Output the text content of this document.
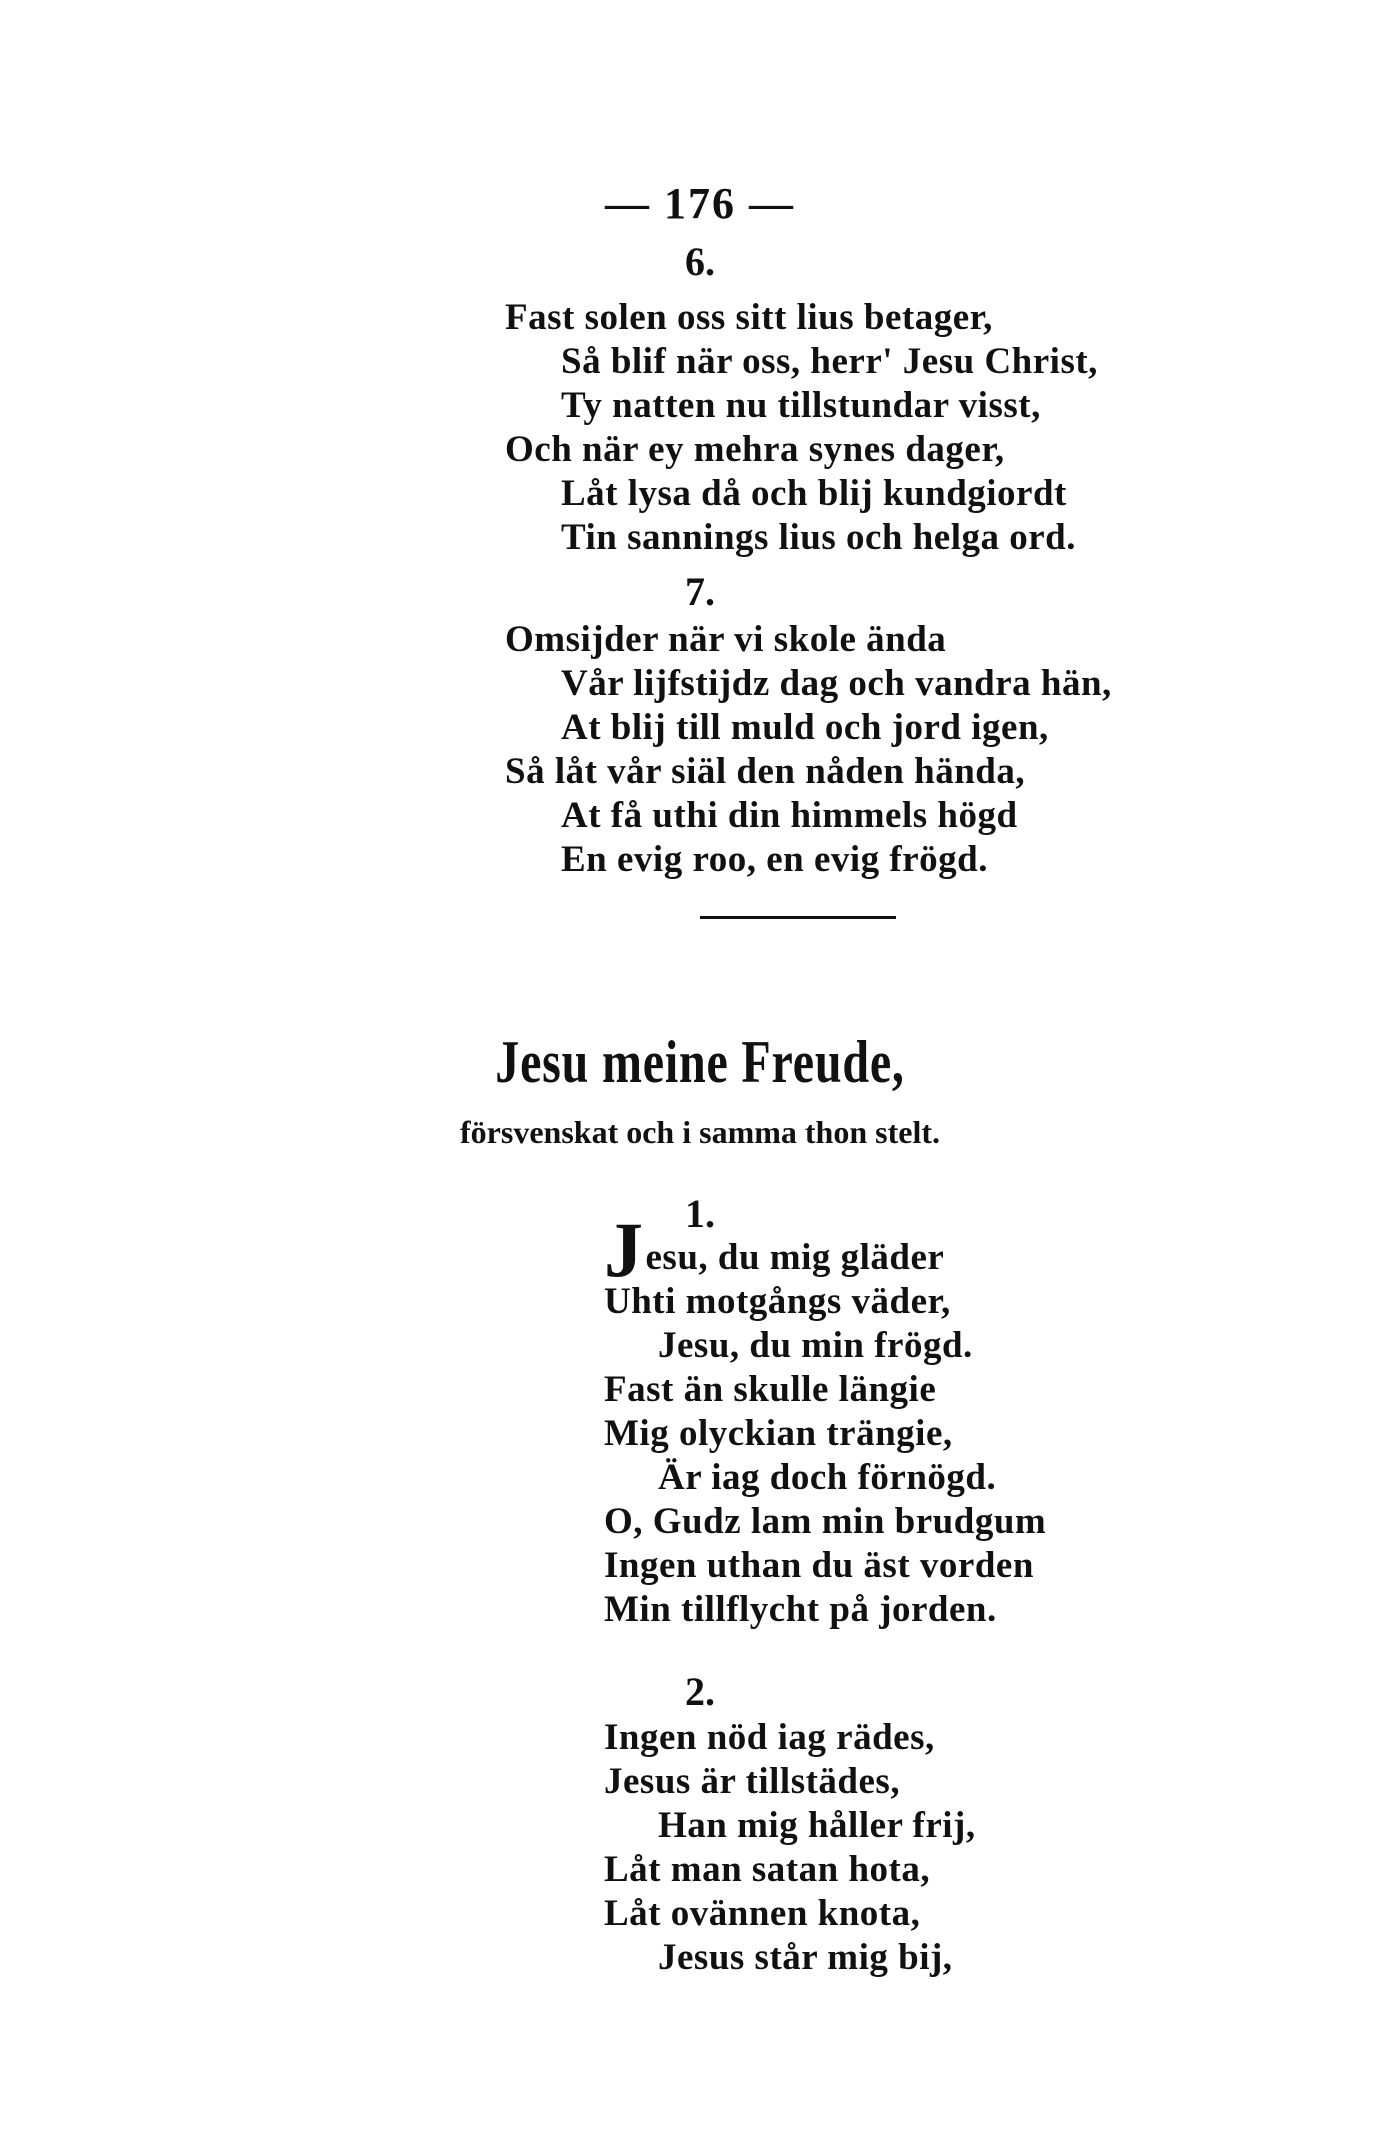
— 176 —
6.
Fast solen oss sitt lius betager,
Så blif när oss, herr' Jesu Christ,
Ty natten nu tillstundar visst,
Och när ey mehra synes dager,
Låt lysa då och blij kundgiordt
Tin sannings lius och helga ord.
7.
Omsijder när vi skole ända
Vår lijfstijdz dag och vandra hän,
At blij till muld och jord igen,
Så låt vår siäl den nåden hända,
At få uthi din himmels högd
En evig roo, en evig frögd.
Jesu meine Freude,
försvenskat och i samma thon stelt.
1.
J esu, du mig gläder
Uhti motgångs väder,
Jesu, du min frögd.
Fast än skulle längie
Mig olyckian trängie,
Är iag doch förnögd.
O, Gudz lam min brudgum
Ingen uthan du äst vorden
Min tillflycht på jorden.
2.
Ingen nöd iag rädes,
Jesus är tillstädes,
Han mig håller frij,
Låt man satan hota,
Låt ovännen knota,
Jesus står mig bij,
